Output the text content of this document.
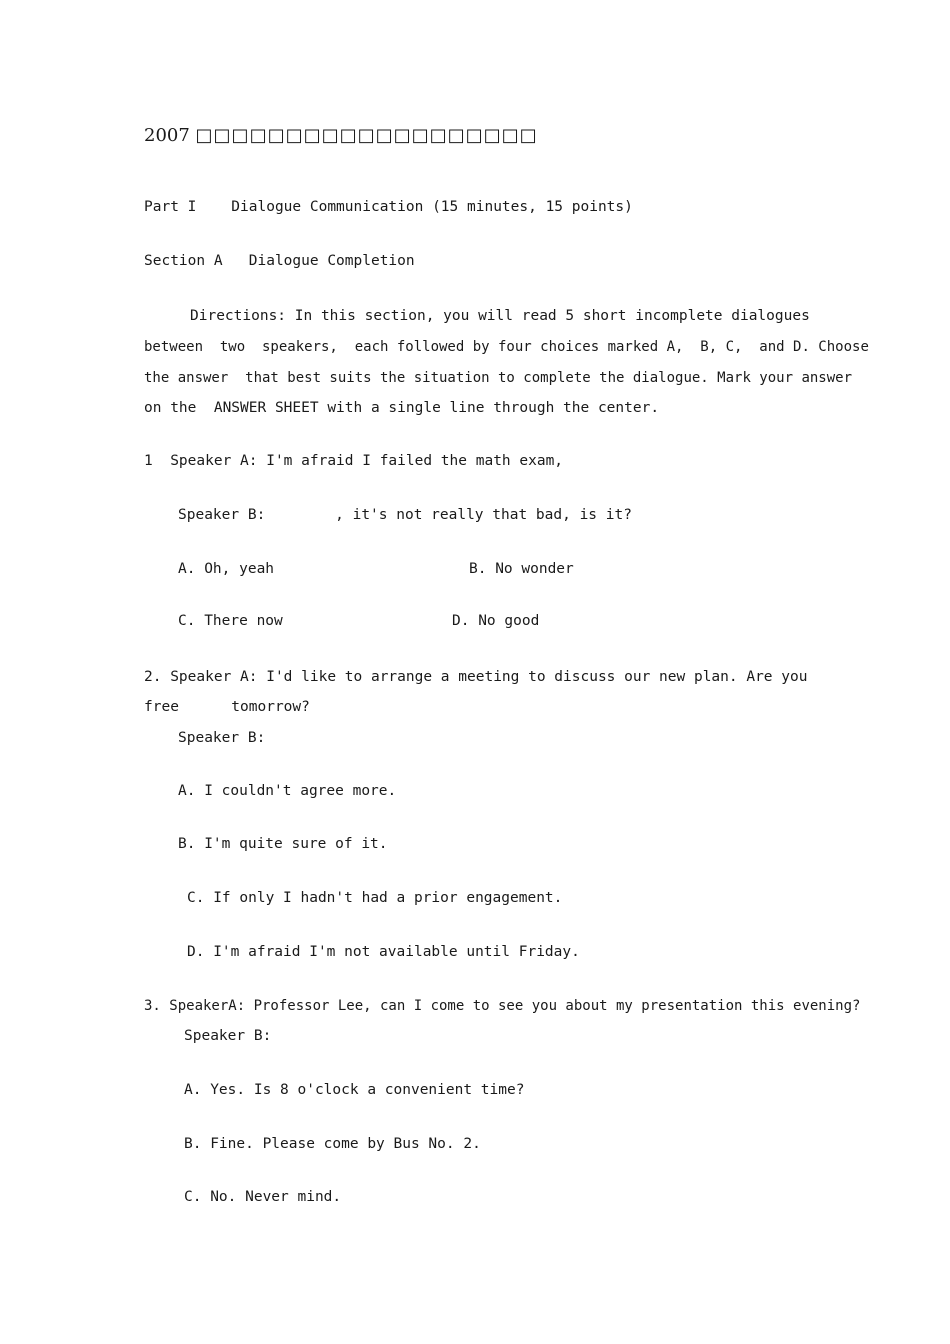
2007 □□□□□□□□□□□□□□□□□□□
Part I    Dialogue Communication (15 minutes, 15 points)
Section A   Dialogue Completion
Directions: In this section, you will read 5 short incomplete dialogues
between  two  speakers,  each followed by four choices marked A,  B, C,  and D. Choose
the answer  that best suits the situation to complete the dialogue. Mark your answer
on the  ANSWER SHEET with a single line through the center.
1  Speaker A: I'm afraid I failed the math exam,
Speaker B:        , it's not really that bad, is it?
A. Oh, yeah	B. No wonder
C. There now	D. No good
2. Speaker A: I'd like to arrange a meeting to discuss our new plan. Are you
free      tomorrow?
Speaker B:
A. I couldn't agree more.
B. I'm quite sure of it.
C. If only I hadn't had a prior engagement.
D. I'm afraid I'm not available until Friday.
3. SpeakerA: Professor Lee, can I come to see you about my presentation this evening?
Speaker B:
A. Yes. Is 8 o'clock a convenient time?
B. Fine. Please come by Bus No. 2.
C. No. Never mind.
